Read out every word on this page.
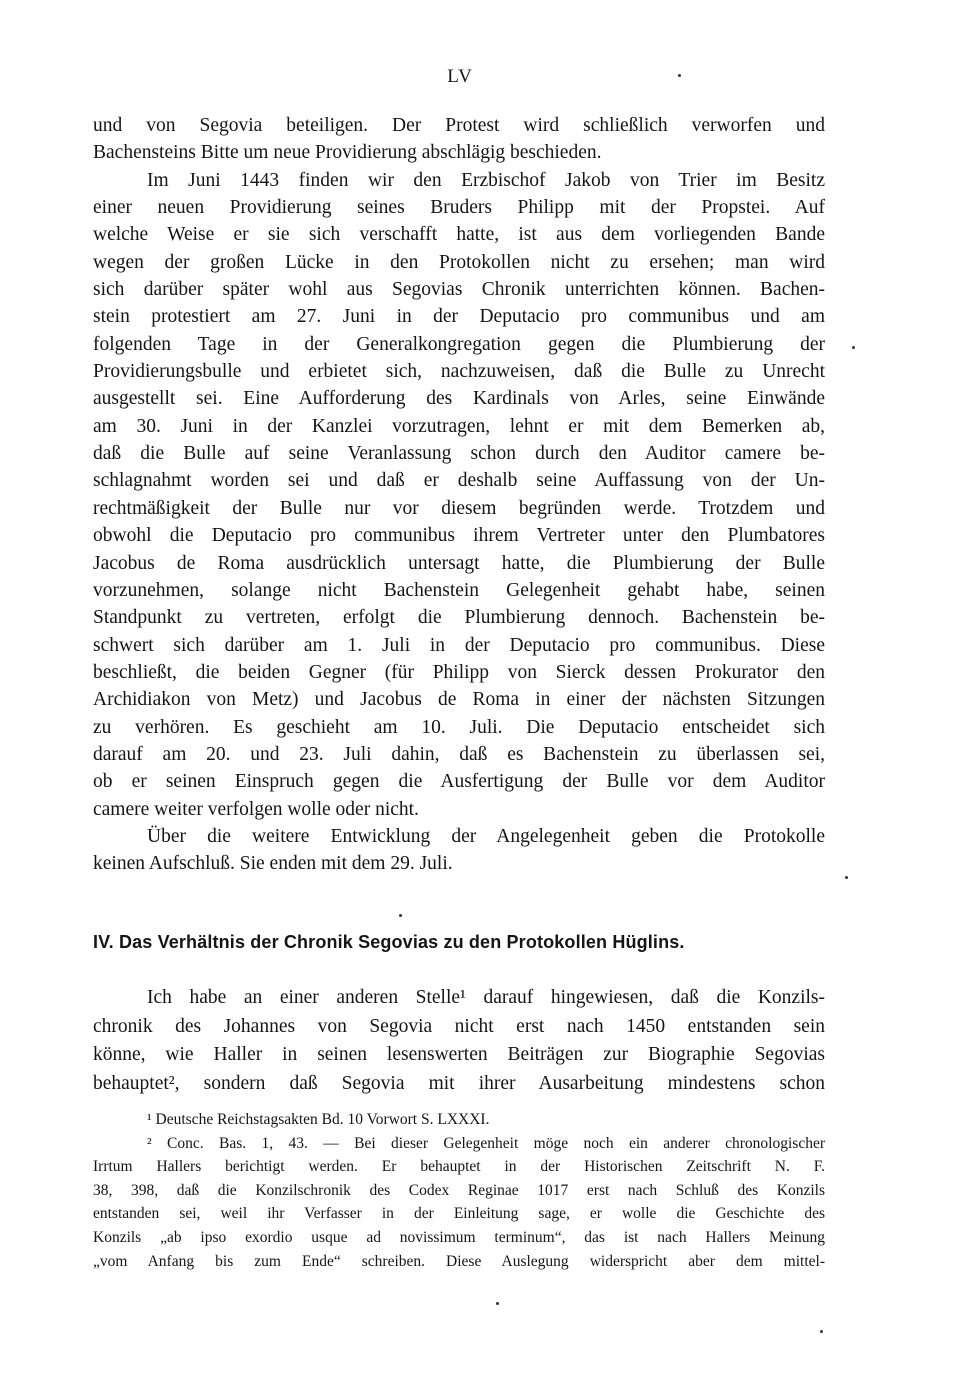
LV
und von Segovia beteiligen. Der Protest wird schließlich verworfen und
Bachensteins Bitte um neue Providierung abschlägig beschieden.
Im Juni 1443 finden wir den Erzbischof Jakob von Trier im Besitz
einer neuen Providierung seines Bruders Philipp mit der Propstei. Auf
welche Weise er sie sich verschafft hatte, ist aus dem vorliegenden Bande
wegen der großen Lücke in den Protokollen nicht zu ersehen; man wird
sich darüber später wohl aus Segovias Chronik unterrichten können. Bachen-
stein protestiert am 27. Juni in der Deputacio pro communibus und am
folgenden Tage in der Generalkongregation gegen die Plumbierung der
Providierungsbulle und erbietet sich, nachzuweisen, daß die Bulle zu Unrecht
ausgestellt sei. Eine Aufforderung des Kardinals von Arles, seine Einwände
am 30. Juni in der Kanzlei vorzutragen, lehnt er mit dem Bemerken ab,
daß die Bulle auf seine Veranlassung schon durch den Auditor camere be-
schlagnahmt worden sei und daß er deshalb seine Auffassung von der Un-
rechtmäßigkeit der Bulle nur vor diesem begründen werde. Trotzdem und
obwohl die Deputacio pro communibus ihrem Vertreter unter den Plumbatores
Jacobus de Roma ausdrücklich untersagt hatte, die Plumbierung der Bulle
vorzunehmen, solange nicht Bachenstein Gelegenheit gehabt habe, seinen
Standpunkt zu vertreten, erfolgt die Plumbierung dennoch. Bachenstein be-
schwert sich darüber am 1. Juli in der Deputacio pro communibus. Diese
beschließt, die beiden Gegner (für Philipp von Sierck dessen Prokurator den
Archidiakon von Metz) und Jacobus de Roma in einer der nächsten Sitzungen
zu verhören. Es geschieht am 10. Juli. Die Deputacio entscheidet sich
darauf am 20. und 23. Juli dahin, daß es Bachenstein zu überlassen sei,
ob er seinen Einspruch gegen die Ausfertigung der Bulle vor dem Auditor
camere weiter verfolgen wolle oder nicht.
Über die weitere Entwicklung der Angelegenheit geben die Protokolle
keinen Aufschluß. Sie enden mit dem 29. Juli.
IV. Das Verhältnis der Chronik Segovias zu den Protokollen Hüglins.
Ich habe an einer anderen Stelle¹ darauf hingewiesen, daß die Konzils-
chronik des Johannes von Segovia nicht erst nach 1450 entstanden sein
könne, wie Haller in seinen lesenswerten Beiträgen zur Biographie Segovias
behauptet², sondern daß Segovia mit ihrer Ausarbeitung mindestens schon
¹ Deutsche Reichstagsakten Bd. 10 Vorwort S. LXXXI.
² Conc. Bas. 1, 43. — Bei dieser Gelegenheit möge noch ein anderer chronologischer
Irrtum Hallers berichtigt werden. Er behauptet in der Historischen Zeitschrift N. F.
38, 398, daß die Konzilschronik des Codex Reginae 1017 erst nach Schluß des Konzils
entstanden sei, weil ihr Verfasser in der Einleitung sage, er wolle die Geschichte des
Konzils „ab ipso exordio usque ad novissimum terminum“, das ist nach Hallers Meinung
„vom Anfang bis zum Ende“ schreiben. Diese Auslegung widerspricht aber dem mittel-
